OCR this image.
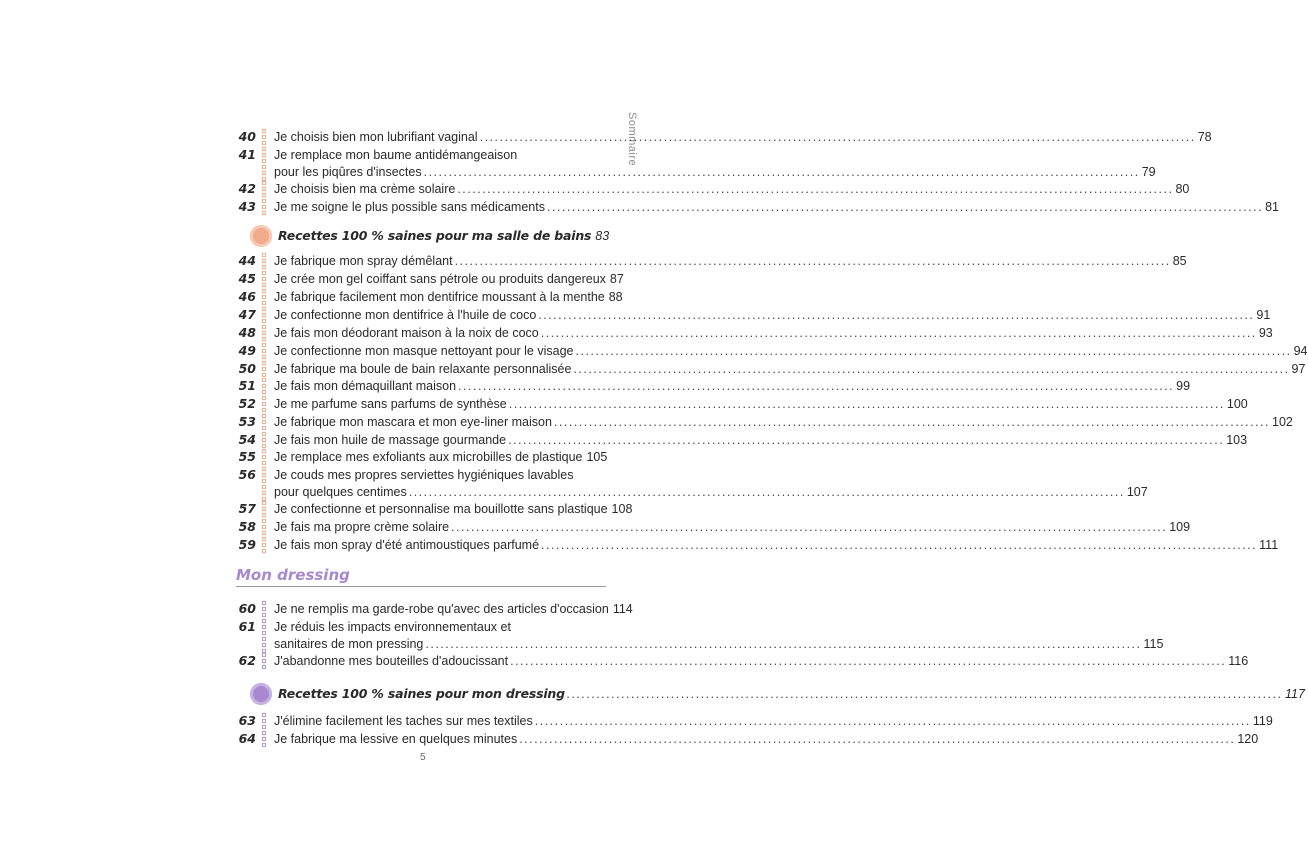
Sommaire
40 Je choisis bien mon lubrifiant vaginal .....	78
41 Je remplace mon baume antidémangeaison
pour les piqûres d'insectes .....	79
42 Je choisis bien ma crème solaire .....	80
43 Je me soigne le plus possible sans médicaments .....	81
Recettes 100 % saines pour ma salle de bains 83
44 Je fabrique mon spray démêlant .....	85
45 Je crée mon gel coiffant sans pétrole ou produits dangereux 87
46 Je fabrique facilement mon dentifrice moussant à la menthe 88
47 Je confectionne mon dentifrice à l'huile de coco .....	91
48 Je fais mon déodorant maison à la noix de coco .....	93
49 Je confectionne mon masque nettoyant pour le visage .....	94
50 Je fabrique ma boule de bain relaxante personnalisée .....	97
51 Je fais mon démaquillant maison .....	99
52 Je me parfume sans parfums de synthèse .....	100
53 Je fabrique mon mascara et mon eye-liner maison .....	102
54 Je fais mon huile de massage gourmande .....	103
55 Je remplace mes exfoliants aux microbilles de plastique 105
56 Je couds mes propres serviettes hygiéniques lavables
pour quelques centimes .....	107
57 Je confectionne et personnalise ma bouillotte sans plastique 108
58 Je fais ma propre crème solaire .....	109
59 Je fais mon spray d'été antimoustiques parfumé .....	111
Mon dressing
60 Je ne remplis ma garde-robe qu'avec des articles d'occasion 114
61 Je réduis les impacts environnementaux et
sanitaires de mon pressing .....	115
62 J'abandonne mes bouteilles d'adoucissant .....	116
Recettes 100 % saines pour mon dressing .....	117
63 J'élimine facilement les taches sur mes textiles .....	119
64 Je fabrique ma lessive en quelques minutes .....	120
5
